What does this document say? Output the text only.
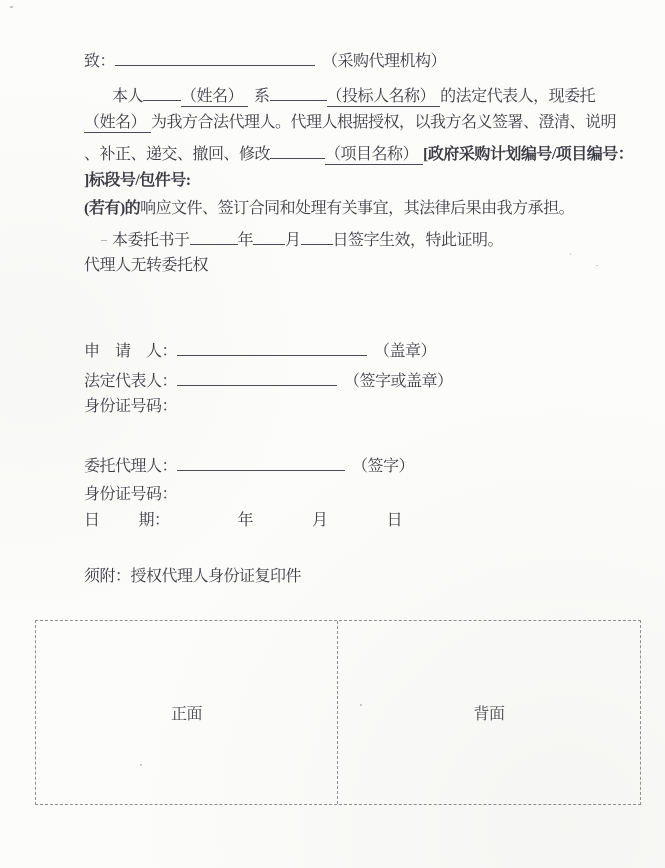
致：	（采购代理机构）
本人 （姓名） 系	（投标人名称） 的法定代表人，现委托
（姓名） 为我方合法代理人。代理人根据授权，以我方名义签署、澄清、说明
、补正、递交、撤回、修改	（项目名称） [政府采购计划编号/项目编号：
]标段号/包件号:
(若有)的响应文件、签订合同和处理有关事宜，其法律后果由我方承担。
本委托书于	年 月 日签字生效，特此证明。
代理人无转委托权
申　请　人：	（盖章）
法定代表人：	（签字或盖章）
身份证号码：
委托代理人：	（签字）
身份证号码：
日 期：	年	月	日
须附：授权代理人身份证复印件
正面	背面
`
.
